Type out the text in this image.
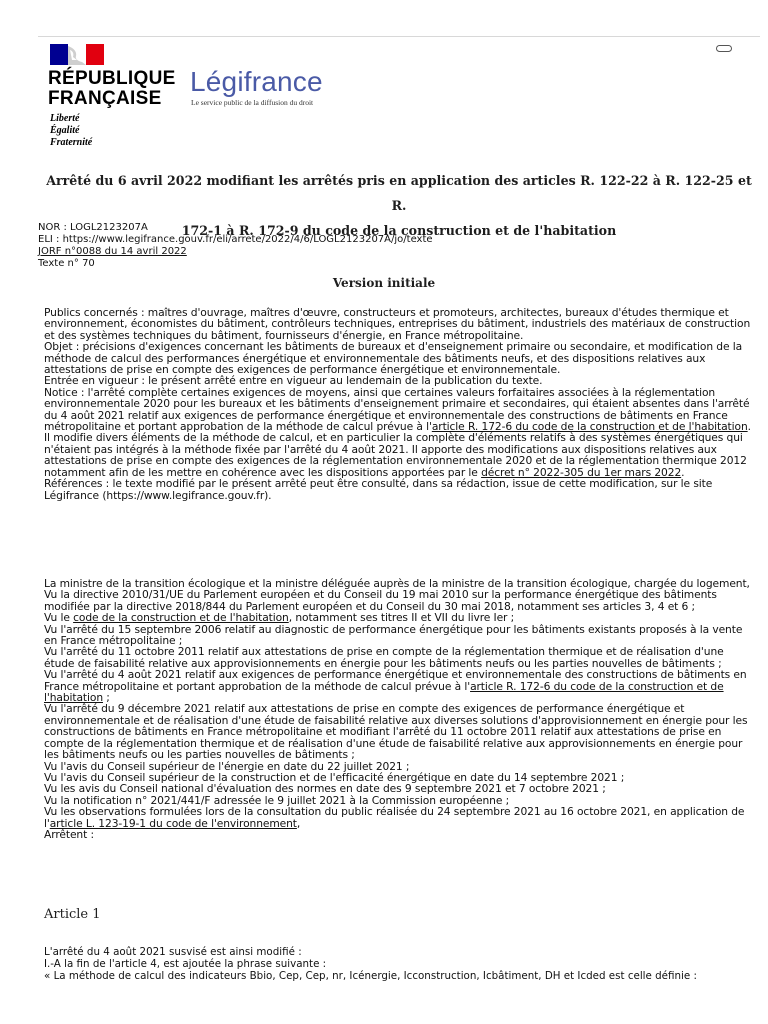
RÉPUBLIQUE
FRANÇAISE
Liberté
Égalité
Fraternité
Légifrance
Le service public de la diffusion du droit
Arrêté du 6 avril 2022 modifiant les arrêtés pris en application des articles R. 122-22 à R. 122-25 et R.
172-1 à R. 172-9 du code de la construction et de l'habitation
NOR : LOGL2123207A
ELI : https://www.legifrance.gouv.fr/eli/arrete/2022/4/6/LOGL2123207A/jo/texte
JORF n°0088 du 14 avril 2022
Texte n° 70
Version initiale

Publics concernés : maîtres d'ouvrage, maîtres d'œuvre, constructeurs et promoteurs, architectes, bureaux d'études thermique et environnement, économistes du bâtiment, contrôleurs techniques, entreprises du bâtiment, industriels des matériaux de construction et des systèmes techniques du bâtiment, fournisseurs d'énergie, en France métropolitaine.

Objet : précisions d'exigences concernant les bâtiments de bureaux et d'enseignement primaire ou secondaire, et modification de la méthode de calcul des performances énergétique et environnementale des bâtiments neufs, et des dispositions relatives aux attestations de prise en compte des exigences de performance énergétique et environnementale.

Entrée en vigueur : le présent arrêté entre en vigueur au lendemain de la publication du texte.

Notice : l'arrêté complète certaines exigences de moyens, ainsi que certaines valeurs forfaitaires associées à la réglementation environnementale 2020 pour les bureaux et les bâtiments d'enseignement primaire et secondaires, qui étaient absentes dans l'arrêté du 4 août 2021 relatif aux exigences de performance énergétique et environnementale des constructions de bâtiments en France métropolitaine et portant approbation de la méthode de calcul prévue à l'article R. 172-6 du code de la construction et de l'habitation.

Il modifie divers éléments de la méthode de calcul, et en particulier la complète d'éléments relatifs à des systèmes énergétiques qui n'étaient pas intégrés à la méthode fixée par l'arrêté du 4 août 2021. Il apporte des modifications aux dispositions relatives aux attestations de prise en compte des exigences de la réglementation environnementale 2020 et de la réglementation thermique 2012 notamment afin de les mettre en cohérence avec les dispositions apportées par le décret n° 2022-305 du 1er mars 2022.

Références : le texte modifié par le présent arrêté peut être consulté, dans sa rédaction, issue de cette modification, sur le site Légifrance (https://www.legifrance.gouv.fr).

La ministre de la transition écologique et la ministre déléguée auprès de la ministre de la transition écologique, chargée du logement,

Vu la directive 2010/31/UE du Parlement européen et du Conseil du 19 mai 2010 sur la performance énergétique des bâtiments modifiée par la directive 2018/844 du Parlement européen et du Conseil du 30 mai 2018, notamment ses articles 3, 4 et 6 ;

Vu le code de la construction et de l'habitation, notamment ses titres II et VII du livre Ier ;

Vu l'arrêté du 15 septembre 2006 relatif au diagnostic de performance énergétique pour les bâtiments existants proposés à la vente en France métropolitaine ;

Vu l'arrêté du 11 octobre 2011 relatif aux attestations de prise en compte de la réglementation thermique et de réalisation d'une étude de faisabilité relative aux approvisionnements en énergie pour les bâtiments neufs ou les parties nouvelles de bâtiments ;

Vu l'arrêté du 4 août 2021 relatif aux exigences de performance énergétique et environnementale des constructions de bâtiments en France métropolitaine et portant approbation de la méthode de calcul prévue à l'article R. 172-6 du code de la construction et de l'habitation ;

Vu l'arrêté du 9 décembre 2021 relatif aux attestations de prise en compte des exigences de performance énergétique et environnementale et de réalisation d'une étude de faisabilité relative aux diverses solutions d'approvisionnement en énergie pour les constructions de bâtiments en France métropolitaine et modifiant l'arrêté du 11 octobre 2011 relatif aux attestations de prise en compte de la réglementation thermique et de réalisation d'une étude de faisabilité relative aux approvisionnements en énergie pour les bâtiments neufs ou les parties nouvelles de bâtiments ;

Vu l'avis du Conseil supérieur de l'énergie en date du 22 juillet 2021 ;

Vu l'avis du Conseil supérieur de la construction et de l'efficacité énergétique en date du 14 septembre 2021 ;

Vu les avis du Conseil national d'évaluation des normes en date des 9 septembre 2021 et 7 octobre 2021 ;

Vu la notification n° 2021/441/F adressée le 9 juillet 2021 à la Commission européenne ;

Vu les observations formulées lors de la consultation du public réalisée du 24 septembre 2021 au 16 octobre 2021, en application de l'article L. 123-19-1 du code de l'environnement,

Arrêtent :

Article 1

L'arrêté du 4 août 2021 susvisé est ainsi modifié :

I.-A la fin de l'article 4, est ajoutée la phrase suivante :

« La méthode de calcul des indicateurs Bbio, Cep, Cep, nr, Icénergie, Icconstruction, Icbâtiment, DH et Icded est celle définie :
